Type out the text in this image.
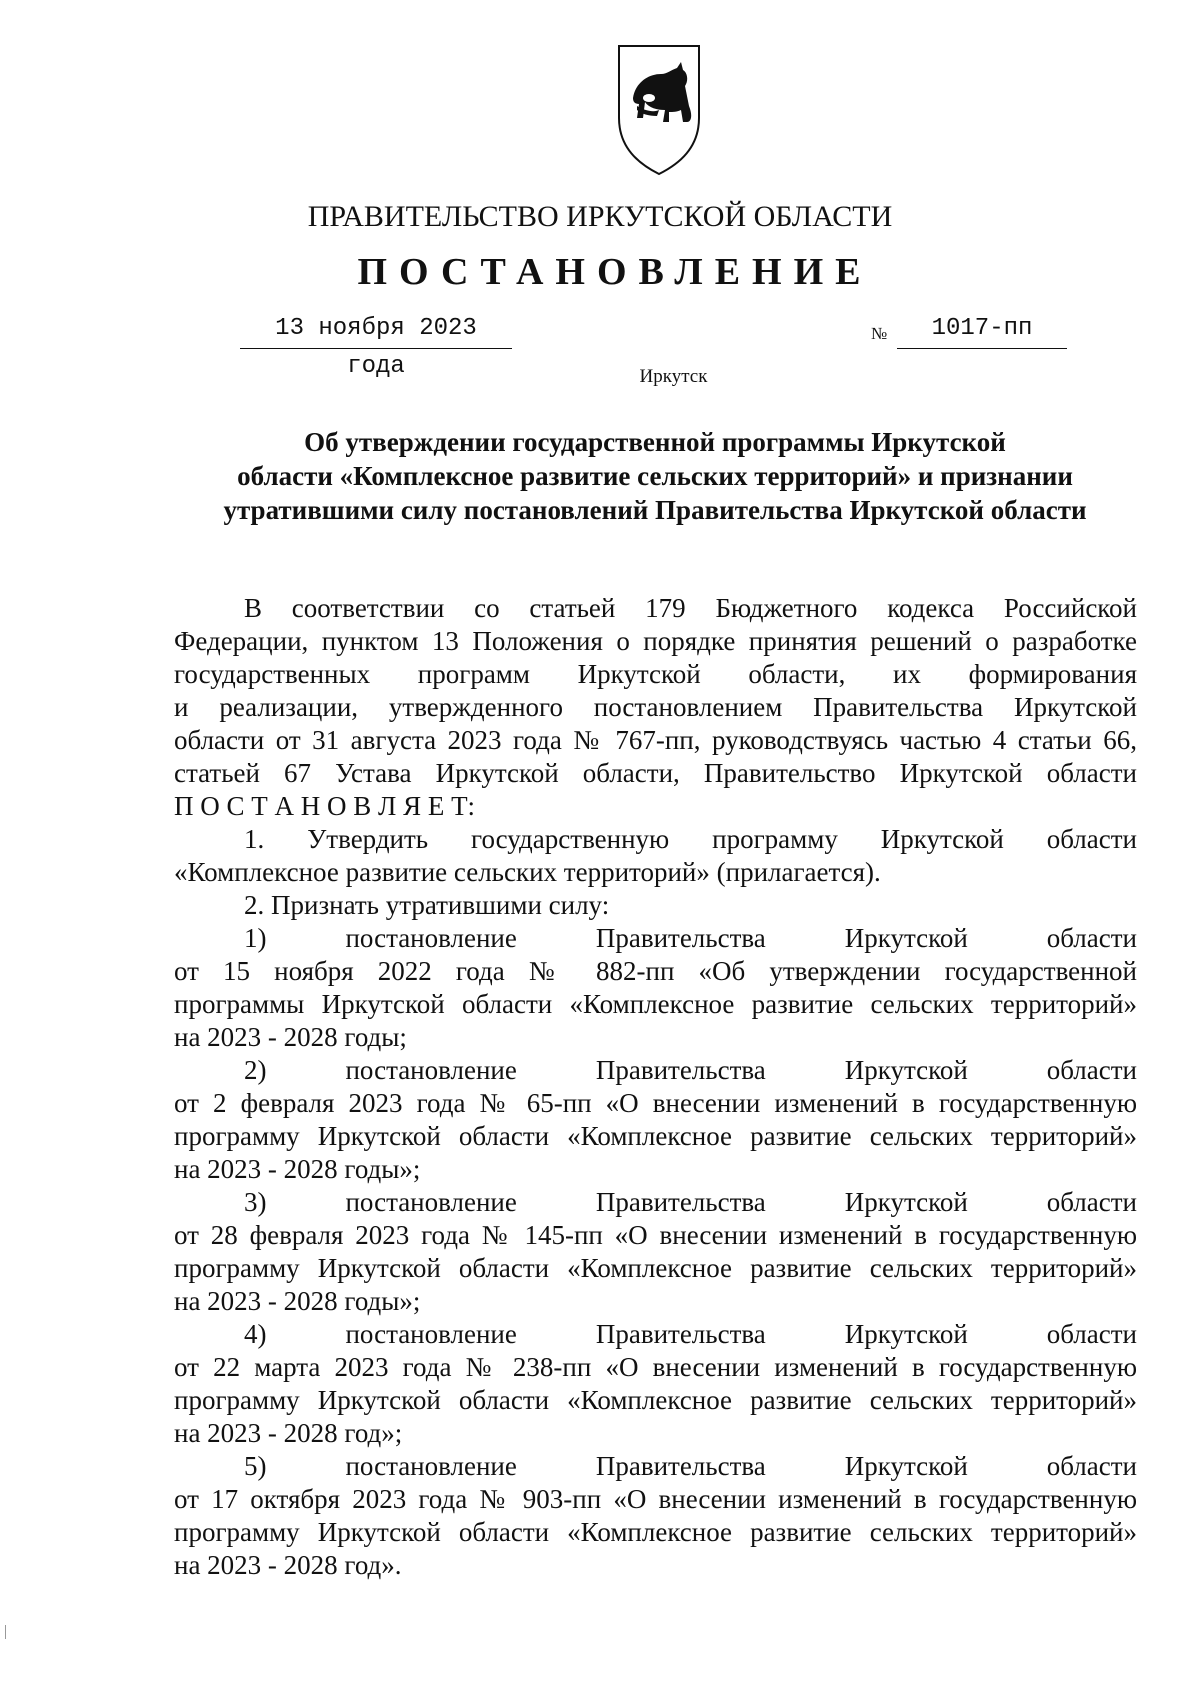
ПРАВИТЕЛЬСТВО ИРКУТСКОЙ ОБЛАСТИ
ПОСТАНОВЛЕНИЕ
13 ноября 2023 года
№	1017-пп
Иркутск
Об утверждении государственной программы Иркутской
области «Комплексное развитие сельских территорий» и признании
утратившими силу постановлений Правительства Иркутской области
В соответствии со статьей 179 Бюджетного кодекса Российской
Федерации, пунктом 13 Положения о порядке принятия решений о разработке
государственных программ Иркутской области, их формирования
и реализации, утвержденного постановлением Правительства Иркутской
области от 31 августа 2023 года № 767-пп, руководствуясь частью 4 статьи 66,
статьей 67 Устава Иркутской области, Правительство Иркутской области
П О С Т А Н О В Л Я Е Т:
1. Утвердить государственную программу Иркутской области
«Комплексное развитие сельских территорий» (прилагается).
2. Признать утратившими силу:
1) постановление Правительства Иркутской области
от 15 ноября 2022 года № 882-пп «Об утверждении государственной
программы Иркутской области «Комплексное развитие сельских территорий»
на 2023 - 2028 годы;
2) постановление Правительства Иркутской области
от 2 февраля 2023 года № 65-пп «О внесении изменений в государственную
программу Иркутской области «Комплексное развитие сельских территорий»
на 2023 - 2028 годы»;
3) постановление Правительства Иркутской области
от 28 февраля 2023 года № 145-пп «О внесении изменений в государственную
программу Иркутской области «Комплексное развитие сельских территорий»
на 2023 - 2028 годы»;
4) постановление Правительства Иркутской области
от 22 марта 2023 года № 238-пп «О внесении изменений в государственную
программу Иркутской области «Комплексное развитие сельских территорий»
на 2023 - 2028 год»;
5) постановление Правительства Иркутской области
от 17 октября 2023 года № 903-пп «О внесении изменений в государственную
программу Иркутской области «Комплексное развитие сельских территорий»
на 2023 - 2028 год».
